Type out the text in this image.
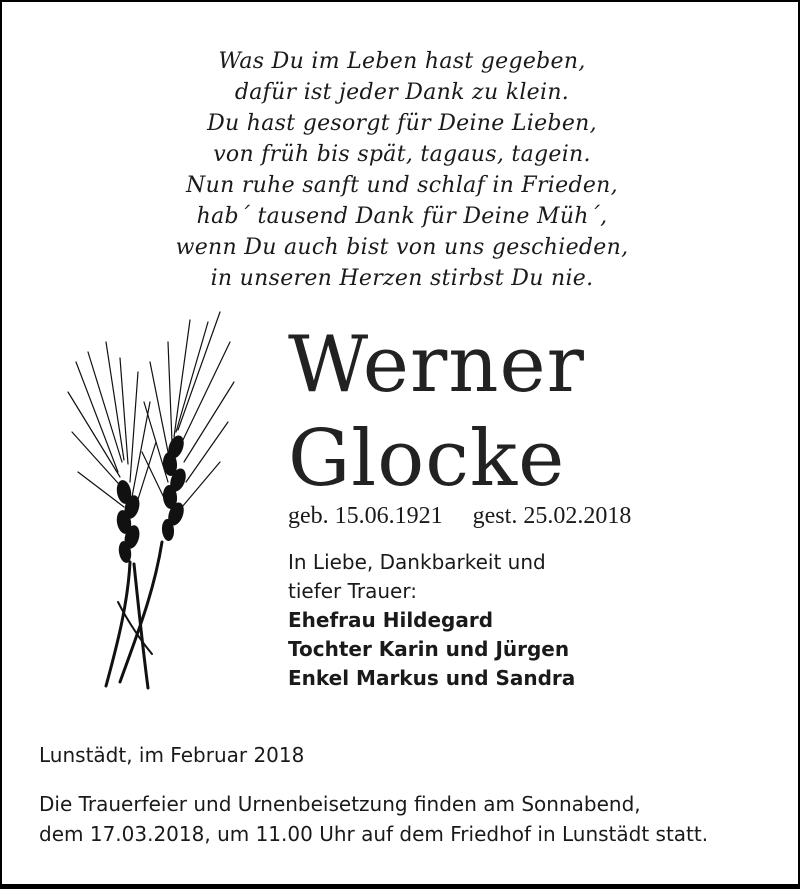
Was Du im Leben hast gegeben,
dafür ist jeder Dank zu klein.
Du hast gesorgt für Deine Lieben,
von früh bis spät, tagaus, tagein.
Nun ruhe sanft und schlaf in Frieden,
hab´ tausend Dank für Deine Müh´,
wenn Du auch bist von uns geschieden,
in unseren Herzen stirbst Du nie.
Werner
Glocke
geb. 15.06.1921 gest. 25.02.2018
In Liebe, Dankbarkeit und
tiefer Trauer:
Ehefrau Hildegard
Tochter Karin und Jürgen
Enkel Markus und Sandra
Lunstädt, im Februar 2018
Die Trauerfeier und Urnenbeisetzung finden am Sonnabend,
dem 17.03.2018, um 11.00 Uhr auf dem Friedhof in Lunstädt statt.
